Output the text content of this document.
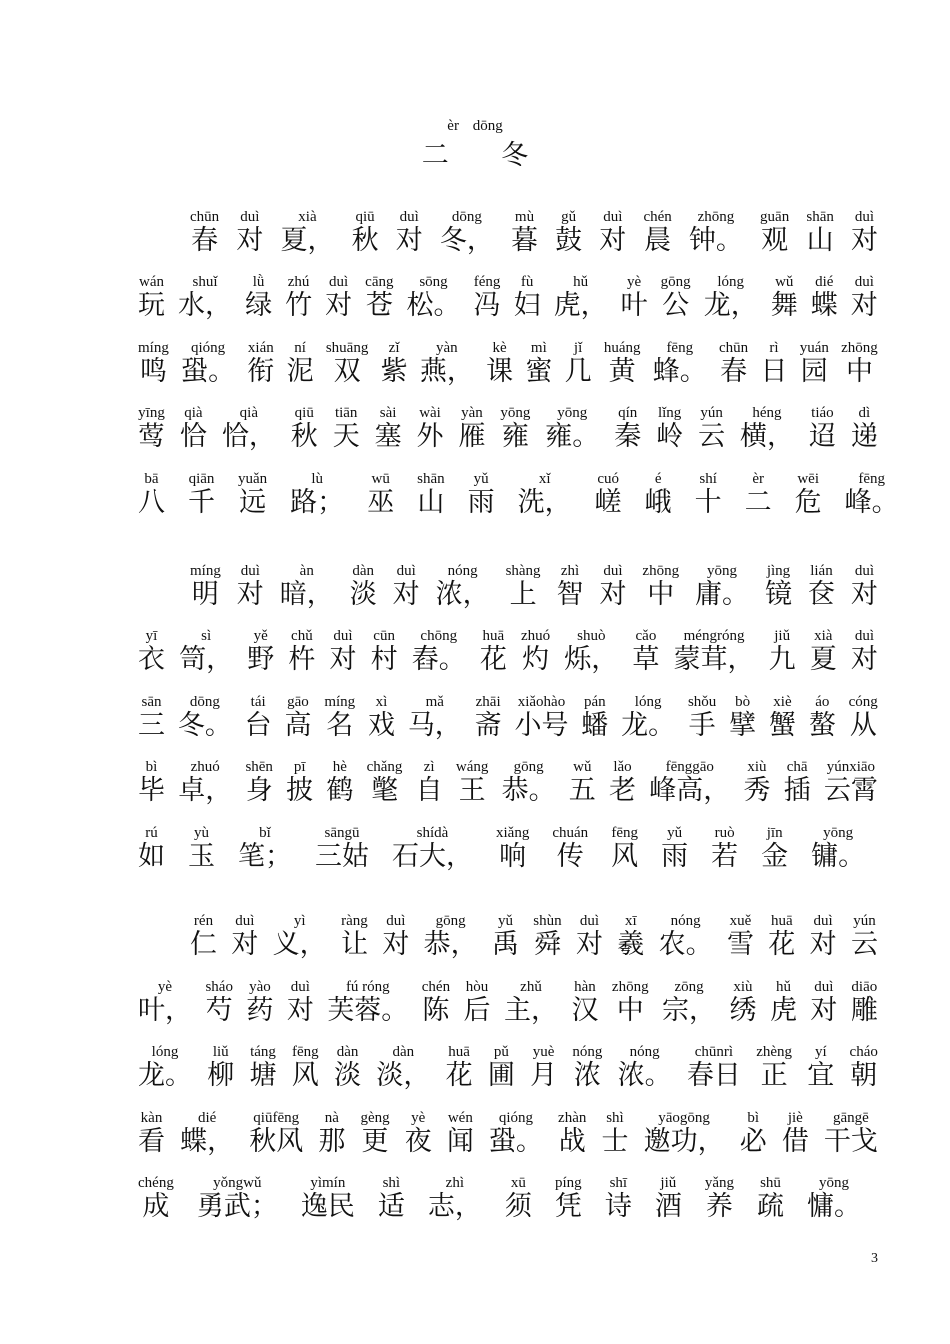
èr dōng
二 冬
chūn
春
duì
对
xià
夏，
qiū
秋
duì
对
dōng
冬，
mù
暮
gǔ
鼓
duì
对
chén
晨
zhōng
钟。
guān
观
shān
山
duì
对
wán
玩
shuǐ
水，
lǜ
绿
zhú
竹
duì
对
cāng
苍
sōng
松。
féng
冯
fù
妇
hǔ
虎，
yè
叶
gōng
公
lóng
龙，
wǔ
舞
dié
蝶
duì
对
míng
鸣
qióng
蛩。
xián
衔
ní
泥
shuāng
双
zǐ
紫
yàn
燕，
kè
课
mì
蜜
jǐ
几
huáng
黄
fēng
蜂。
chūn
春
rì
日
yuán
园
zhōng
中
yīng
莺
qià
恰
qià
恰，
qiū
秋
tiān
天
sài
塞
wài
外
yàn
雁
yōng
雍
yōng
雍。
qín
秦
lǐng
岭
yún
云
héng
横，
tiáo
迢
dì
递
bā
八
qiān
千
yuǎn
远
lù
路；
wū
巫
shān
山
yǔ
雨
xǐ
洗，
cuó
嵯
é
峨
shí
十
èr
二
wēi
危
fēng
峰。
míng
明
duì
对
àn
暗，
dàn
淡
duì
对
nóng
浓，
shàng
上
zhì
智
duì
对
zhōng
中
yōng
庸。
jìng
镜
lián
奁
duì
对
yī
衣
sì
笥，
yě
野
chǔ
杵
duì
对
cūn
村
chōng
舂。
huā
花
zhuó
灼
shuò
烁，
cǎo
草
méngróng
蒙茸，
jiǔ
九
xià
夏
duì
对
sān
三
dōng
冬。
tái
台
gāo
高
míng
名
xì
戏
mǎ
马，
zhāi
斋
xiǎohào
小号
pán
蟠
lóng
龙。
shǒu
手
bò
擘
xiè
蟹
áo
螯
cóng
从
bì
毕
zhuó
卓，
shēn
身
pī
披
hè
鹤
chǎng
氅
zì
自
wáng
王
gōng
恭。
wǔ
五
lǎo
老
fēnggāo
峰高，
xiù
秀
chā
插
yúnxiāo
云霄
rú
如
yù
玉
bǐ
笔；
sāngū
三姑
shídà
石大，
xiǎng
响
chuán
传
fēng
风
yǔ
雨
ruò
若
jīn
金
yōng
镛。
rén
仁
duì
对
yì
义，
ràng
让
duì
对
gōng
恭，
yǔ
禹
shùn
舜
duì
对
xī
羲
nóng
农。
xuě
雪
huā
花
duì
对
yún
云
yè
叶，
sháo
芍
yào
药
duì
对
fú róng
芙蓉。
chén
陈
hòu
后
zhǔ
主，
hàn
汉
zhōng
中
zōng
宗，
xiù
绣
hǔ
虎
duì
对
diāo
雕
lóng
龙。
liǔ
柳
táng
塘
fēng
风
dàn
淡
dàn
淡，
huā
花
pǔ
圃
yuè
月
nóng
浓
nóng
浓。
chūnrì
春日
zhèng
正
yí
宜
cháo
朝
kàn
看
dié
蝶，
qiūfēng
秋风
nà
那
gèng
更
yè
夜
wén
闻
qióng
蛩。
zhàn
战
shì
士
yāogōng
邀功，
bì
必
jiè
借
gāngē
干戈
chéng
成
yǒngwǔ
勇武；
yìmín
逸民
shì
适
zhì
志，
xū
须
píng
凭
shī
诗
jiǔ
酒
yǎng
养
shū
疏
yōng
慵。
3
